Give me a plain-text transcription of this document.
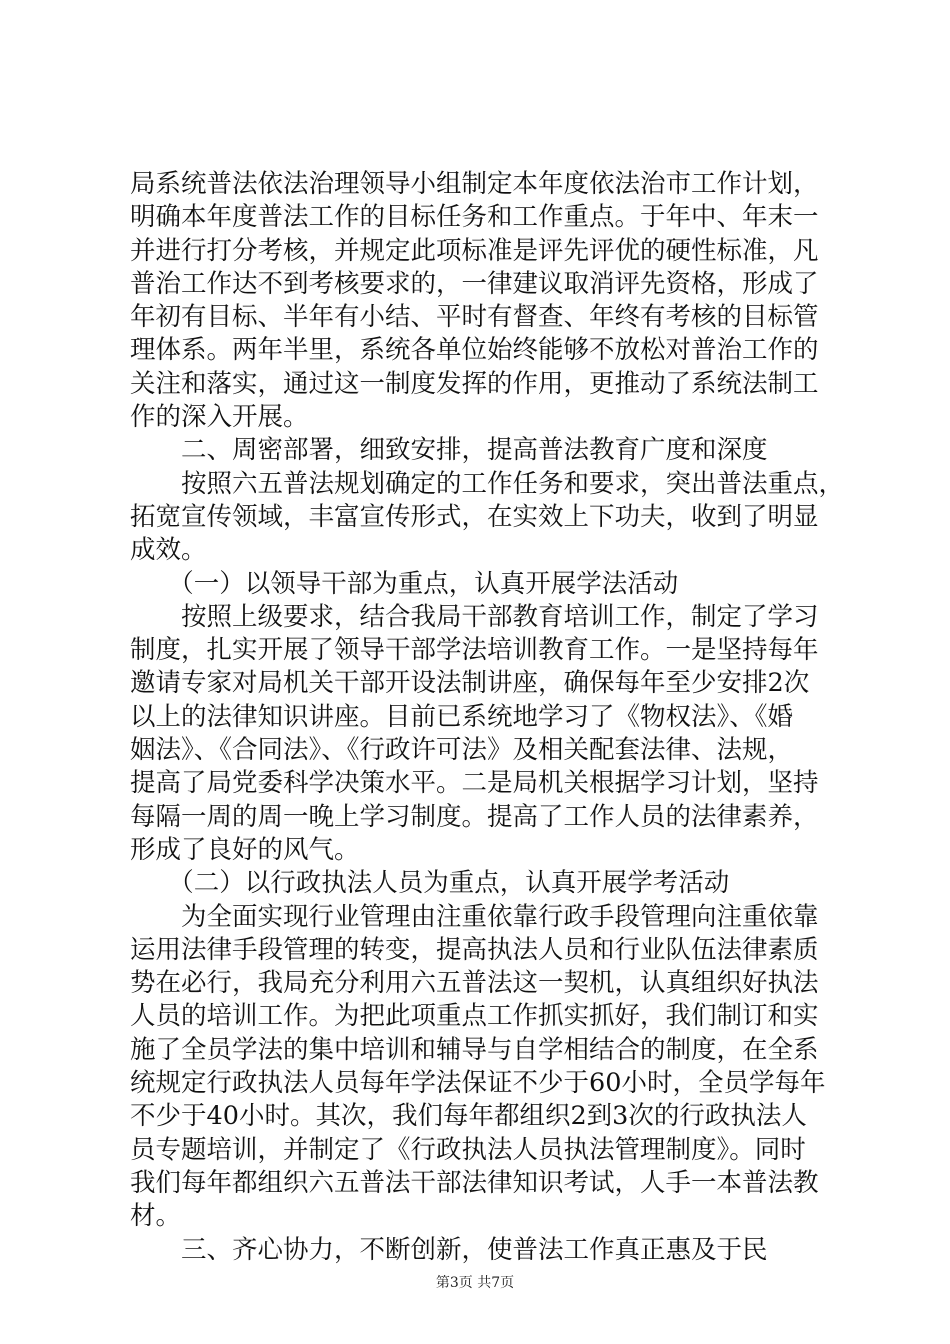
局系统普法依法治理领导小组制定本年度依法治市工作计划，
明确本年度普法工作的目标任务和工作重点。于年中、年末一
并进行打分考核，并规定此项标准是评先评优的硬性标准，凡
普治工作达不到考核要求的，一律建议取消评先资格，形成了
年初有目标、半年有小结、平时有督查、年终有考核的目标管
理体系。两年半里，系统各单位始终能够不放松对普治工作的
关注和落实，通过这一制度发挥的作用，更推动了系统法制工
作的深入开展。
　　二、周密部署，细致安排，提高普法教育广度和深度
　　按照六五普法规划确定的工作任务和要求，突出普法重点，
拓宽宣传领域，丰富宣传形式，在实效上下功夫，收到了明显
成效。
　　（一）以领导干部为重点，认真开展学法活动
　　按照上级要求，结合我局干部教育培训工作，制定了学习
制度，扎实开展了领导干部学法培训教育工作。一是坚持每年
邀请专家对局机关干部开设法制讲座，确保每年至少安排2次
以上的法律知识讲座。目前已系统地学习了《物权法》、《婚
姻法》、《合同法》、《行政许可法》及相关配套法律、法规，
提高了局党委科学决策水平。二是局机关根据学习计划，坚持
每隔一周的周一晚上学习制度。提高了工作人员的法律素养，
形成了良好的风气。
　　（二）以行政执法人员为重点，认真开展学考活动
　　为全面实现行业管理由注重依靠行政手段管理向注重依靠
运用法律手段管理的转变，提高执法人员和行业队伍法律素质
势在必行，我局充分利用六五普法这一契机，认真组织好执法
人员的培训工作。为把此项重点工作抓实抓好，我们制订和实
施了全员学法的集中培训和辅导与自学相结合的制度，在全系
统规定行政执法人员每年学法保证不少于60小时，全员学每年
不少于40小时。其次，我们每年都组织2到3次的行政执法人
员专题培训，并制定了《行政执法人员执法管理制度》。同时
我们每年都组织六五普法干部法律知识考试，人手一本普法教
材。
　　三、齐心协力，不断创新，使普法工作真正惠及于民
第3页 共7页
